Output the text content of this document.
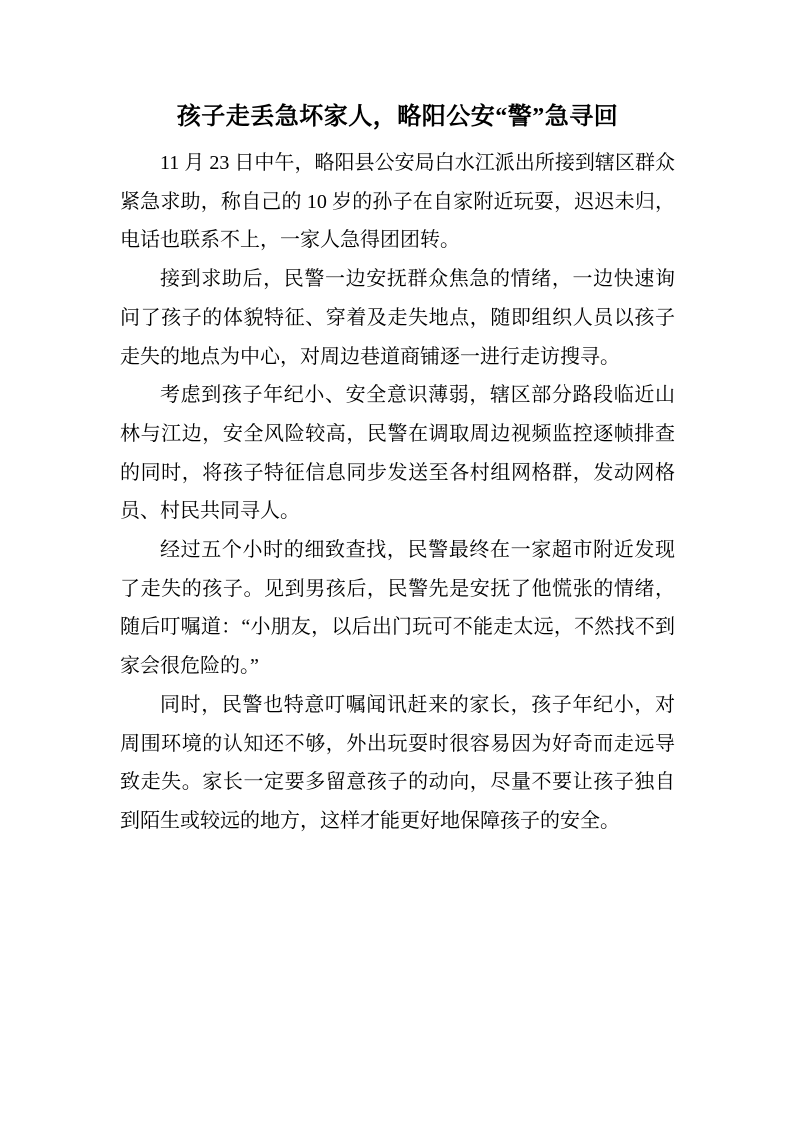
孩子走丢急坏家人，略阳公安“警”急寻回

11 月 23 日中午，略阳县公安局白水江派出所接到辖区群众紧急求助，称自己的 10 岁的孙子在自家附近玩耍，迟迟未归，电话也联系不上，一家人急得团团转。

接到求助后，民警一边安抚群众焦急的情绪，一边快速询问了孩子的体貌特征、穿着及走失地点，随即组织人员以孩子走失的地点为中心，对周边巷道商铺逐一进行走访搜寻。

考虑到孩子年纪小、安全意识薄弱，辖区部分路段临近山林与江边，安全风险较高，民警在调取周边视频监控逐帧排查的同时，将孩子特征信息同步发送至各村组网格群，发动网格员、村民共同寻人。

经过五个小时的细致查找，民警最终在一家超市附近发现了走失的孩子。见到男孩后，民警先是安抚了他慌张的情绪，随后叮嘱道：“小朋友，以后出门玩可不能走太远，不然找不到家会很危险的。”

同时，民警也特意叮嘱闻讯赶来的家长，孩子年纪小，对周围环境的认知还不够，外出玩耍时很容易因为好奇而走远导致走失。家长一定要多留意孩子的动向，尽量不要让孩子独自到陌生或较远的地方，这样才能更好地保障孩子的安全。
